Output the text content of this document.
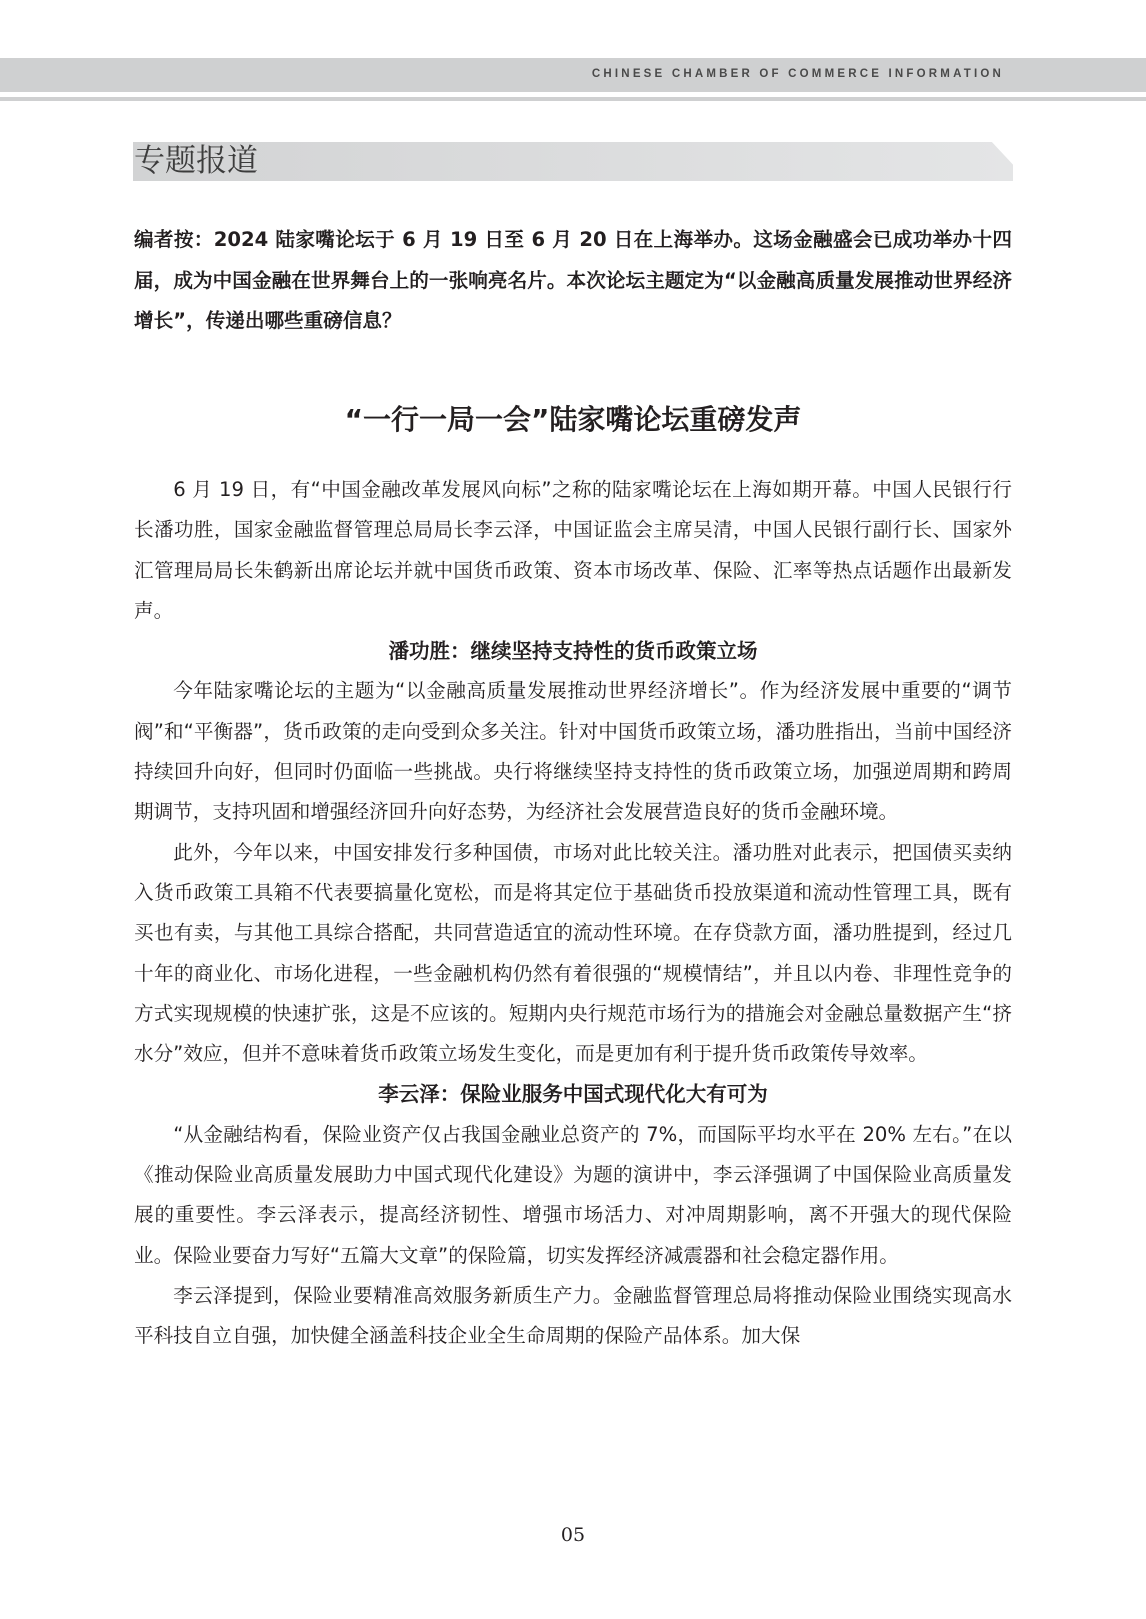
CHINESE CHAMBER OF COMMERCE INFORMATION
专题报道

编者按：2024 陆家嘴论坛于 6 月 19 日至 6 月 20 日在上海举办。这场金融盛会已成功举办十四届，成为中国金融在世界舞台上的一张响亮名片。本次论坛主题定为“以金融高质量发展推动世界经济增长”，传递出哪些重磅信息？

“一行一局一会”陆家嘴论坛重磅发声

6 月 19 日，有“中国金融改革发展风向标”之称的陆家嘴论坛在上海如期开幕。中国人民银行行长潘功胜，国家金融监督管理总局局长李云泽，中国证监会主席吴清，中国人民银行副行长、国家外汇管理局局长朱鹤新出席论坛并就中国货币政策、资本市场改革、保险、汇率等热点话题作出最新发声。

潘功胜：继续坚持支持性的货币政策立场

今年陆家嘴论坛的主题为“以金融高质量发展推动世界经济增长”。作为经济发展中重要的“调节阀”和“平衡器”，货币政策的走向受到众多关注。针对中国货币政策立场，潘功胜指出，当前中国经济持续回升向好，但同时仍面临一些挑战。央行将继续坚持支持性的货币政策立场，加强逆周期和跨周期调节，支持巩固和增强经济回升向好态势，为经济社会发展营造良好的货币金融环境。

此外，今年以来，中国安排发行多种国债，市场对此比较关注。潘功胜对此表示，把国债买卖纳入货币政策工具箱不代表要搞量化宽松，而是将其定位于基础货币投放渠道和流动性管理工具，既有买也有卖，与其他工具综合搭配，共同营造适宜的流动性环境。在存贷款方面，潘功胜提到，经过几十年的商业化、市场化进程，一些金融机构仍然有着很强的“规模情结”，并且以内卷、非理性竞争的方式实现规模的快速扩张，这是不应该的。短期内央行规范市场行为的措施会对金融总量数据产生“挤水分”效应，但并不意味着货币政策立场发生变化，而是更加有利于提升货币政策传导效率。

李云泽：保险业服务中国式现代化大有可为

“从金融结构看，保险业资产仅占我国金融业总资产的 7%，而国际平均水平在 20% 左右。”在以《推动保险业高质量发展助力中国式现代化建设》为题的演讲中，李云泽强调了中国保险业高质量发展的重要性。李云泽表示，提高经济韧性、增强市场活力、对冲周期影响，离不开强大的现代保险业。保险业要奋力写好“五篇大文章”的保险篇，切实发挥经济减震器和社会稳定器作用。

李云泽提到，保险业要精准高效服务新质生产力。金融监督管理总局将推动保险业围绕实现高水平科技自立自强，加快健全涵盖科技企业全生命周期的保险产品体系。加大保

05
